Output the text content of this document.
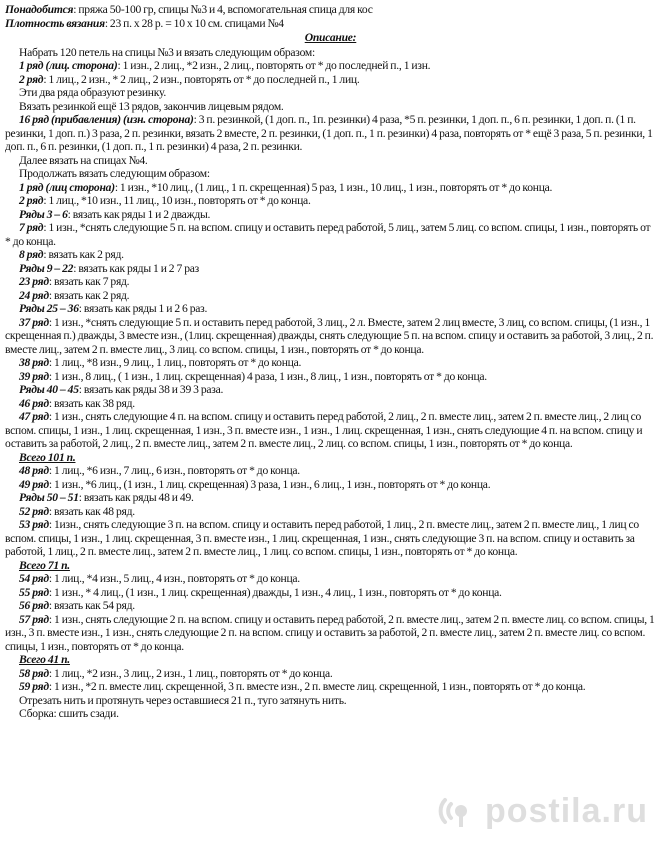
Понадобится: пряжа 50-100 гр, спицы №3 и 4, вспомогательная спица для кос

Плотность вязания: 23 п. х 28 р. = 10 х 10 см. спицами №4

Описание:

Набрать 120 петель на спицы №3 и вязать следующим образом:

1 ряд (лиц. сторона): 1 изн., 2 лиц., *2 изн., 2 лиц., повторять от * до последней п., 1 изн.

2 ряд: 1 лиц., 2 изн., * 2 лиц., 2 изн., повторять от * до последней п., 1 лиц.

Эти два ряда образуют резинку.

Вязать резинкой ещё 13 рядов, закончив лицевым рядом.

16 ряд (прибавления) (изн. сторона): 3 п. резинкой, (1 доп. п., 1п. резинки) 4 раза, *5 п. резинки, 1 доп. п., 6 п. резинки, 1 доп. п. (1 п. резинки, 1 доп. п.) 3 раза, 2 п. резинки, вязать 2 вместе, 2 п. резинки, (1 доп. п., 1 п. резинки) 4 раза, повторять от * ещё 3 раза, 5 п. резинки, 1 доп. п., 6 п. резинки, (1 доп. п., 1 п. резинки) 4 раза, 2 п. резинки.

Далее вязать на спицах №4.

Продолжать вязать следующим образом:

1 ряд (лиц сторона): 1 изн., *10 лиц., (1 лиц., 1 п. скрещенная) 5 раз, 1 изн., 10 лиц., 1 изн., повторять от * до конца.

2 ряд: 1 лиц., *10 изн., 11 лиц., 10 изн., повторять от * до конца.

Ряды 3 – 6: вязать как ряды 1 и 2 дважды.

7 ряд: 1 изн., *снять следующие 5 п. на вспом. спицу и оставить перед работой, 5 лиц., затем 5 лиц. со вспом. спицы, 1 изн., повторять от * до конца.

8 ряд: вязать как 2 ряд.

Ряды 9 – 22: вязать как ряды 1 и 2 7 раз

23 ряд: вязать как 7 ряд.

24 ряд: вязать как 2 ряд.

Ряды 25 – 36: вязать как ряды 1 и 2 6 раз.

37 ряд: 1 изн., *снять следующие 5 п. и оставить перед работой, 3 лиц., 2 л. Вместе, затем 2 лиц вместе, 3 лиц, со вспом. спицы, (1 изн., 1 скрещенная п.) дважды, 3 вместе изн., (1лиц. скрещенная) дважды, снять следующие 5 п. на вспом. спицу и оставить за работой, 3 лиц., 2 п. вместе лиц., затем 2 п. вместе лиц., 3 лиц. со вспом. спицы, 1 изн., повторять от * до конца.

38 ряд: 1 лиц., *8 изн., 9 лиц., 1 лиц., повторять от * до конца.

39 ряд: 1 изн., 8 лиц., ( 1 изн., 1 лиц. скрещенная) 4 раза, 1 изн., 8 лиц., 1 изн., повторять от * до конца.

Ряды 40 – 45: вязать как ряды 38 и 39 3 раза.

46 ряд: вязать как 38 ряд.

47 ряд: 1 изн., снять следующие 4 п. на вспом. спицу и оставить перед работой, 2 лиц., 2 п. вместе лиц., затем 2 п. вместе лиц., 2 лиц со вспом. спицы, 1 изн., 1 лиц. скрещенная, 1 изн., 3 п. вместе изн., 1 изн., 1 лиц. скрещенная, 1 изн., снять следующие 4 п. на вспом. спицу и оставить за работой, 2 лиц., 2 п. вместе лиц., затем 2 п. вместе лиц., 2 лиц. со вспом. спицы, 1 изн., повторять от * до конца.

Всего 101 п.

48 ряд: 1 лиц., *6 изн., 7 лиц., 6 изн., повторять от * до конца.

49 ряд: 1 изн., *6 лиц., (1 изн., 1 лиц. скрещенная) 3 раза, 1 изн., 6 лиц., 1 изн., повторять от * до конца.

Ряды 50 – 51: вязать как ряды 48 и 49.

52 ряд: вязать как 48 ряд.

53 ряд: 1изн., снять следующие 3 п. на вспом. спицу и оставить перед работой, 1 лиц., 2 п. вместе лиц., затем 2 п. вместе лиц., 1 лиц со вспом. спицы, 1 изн., 1 лиц. скрещенная, 3 п. вместе изн., 1 лиц. скрещенная, 1 изн., снять следующие 3 п. на вспом. спицу и оставить за работой, 1 лиц., 2 п. вместе лиц., затем 2 п. вместе лиц., 1 лиц. со вспом. спицы, 1 изн., повторять от * до конца.

Всего 71 п.

54 ряд: 1 лиц., *4 изн., 5 лиц., 4 изн., повторять от * до конца.

55 ряд: 1 изн., * 4 лиц., (1 изн., 1 лиц. скрещенная) дважды, 1 изн., 4 лиц., 1 изн., повторять от * до конца.

56 ряд: вязать как 54 ряд.

57 ряд: 1 изн., снять следующие 2 п. на вспом. спицу и оставить перед работой, 2 п. вместе лиц., затем 2 п. вместе лиц. со вспом. спицы, 1 изн., 3 п. вместе изн., 1 изн., снять следующие 2 п. на вспом. спицу и оставить за работой, 2 п. вместе лиц., затем 2 п. вместе лиц. со вспом. спицы, 1 изн., повторять от * до конца.

Всего 41 п.

58 ряд: 1 лиц., *2 изн., 3 лиц., 2 изн., 1 лиц., повторять от * до конца.

59 ряд: 1 изн., *2 п. вместе лиц. скрещенной, 3 п. вместе изн., 2 п. вместе лиц. скрещенной, 1 изн., повторять от * до конца.

Отрезать нить и протянуть через оставшиеся 21 п., туго затянуть нить.

Сборка: сшить сзади.

postila.ru
